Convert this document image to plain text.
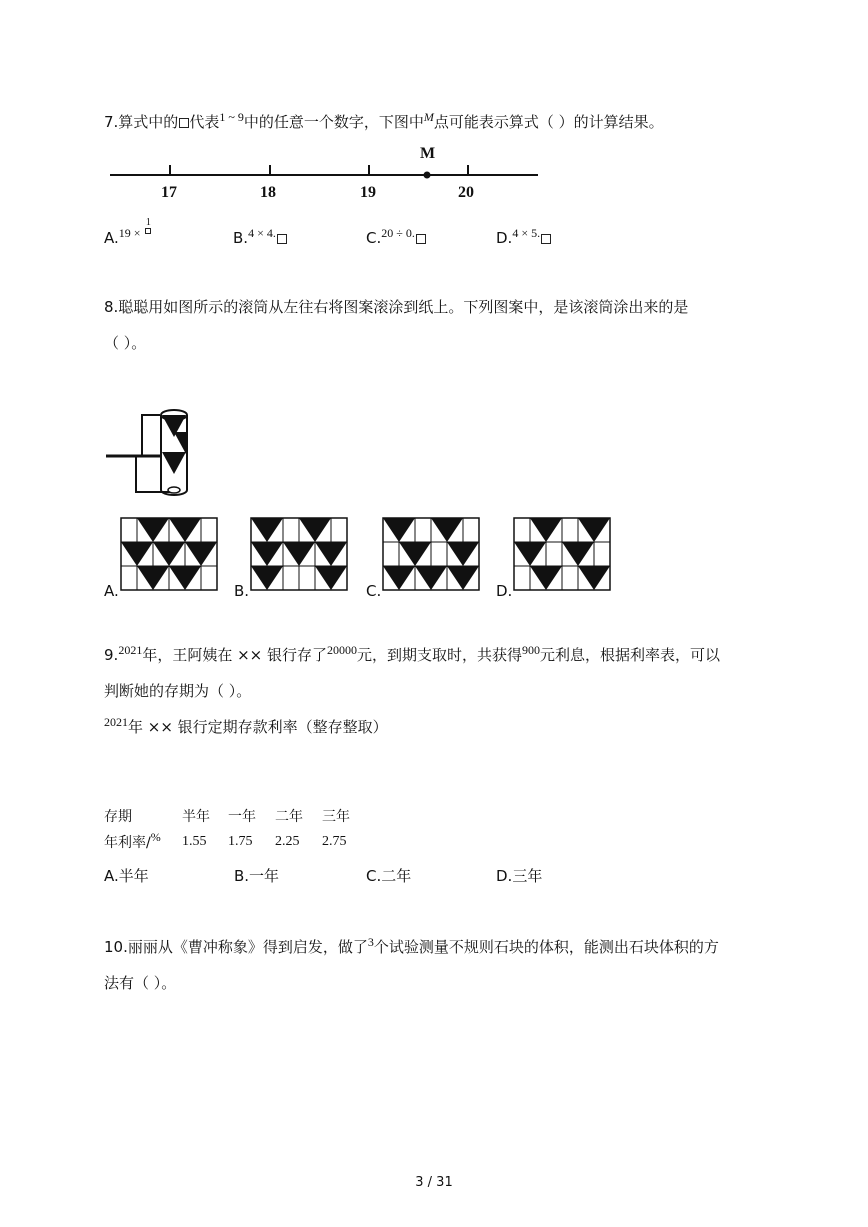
7.算式中的 代表$^1$ ~ $^9$中的任意一个数字，下图中$^M$点可能表示算式（ ）的计算结果。
M
17	18	19	20
A.$^{19 \times}$ 1

B.$^{4 \times 4.}$	C.$^{20 \div 0.}$	D.$^{4 \times 5.}$
8.聪聪用如图所示的滚筒从左往右将图案滚涂到纸上。下列图案中，是该滚筒涂出来的是
（ ）。
A.	B.	C.	D.
9.$^{2021}$年，王阿姨在 ×× 银行存了$^{20000}$元，到期支取时，共获得$^{900}$元利息，根据利率表，可以
判断她的存期为（ ）。
$^{2021}$年 ×× 银行定期存款利率（整存整取）
存期	半年	一年	二年	三年
年利率/%	1.55	1.75	2.25	2.75
A.半年	B.一年	C.二年	D.三年
10.丽丽从《曹冲称象》得到启发，做了$^3$个试验测量不规则石块的体积，能测出石块体积的方
法有（ ）。
3 / 31
